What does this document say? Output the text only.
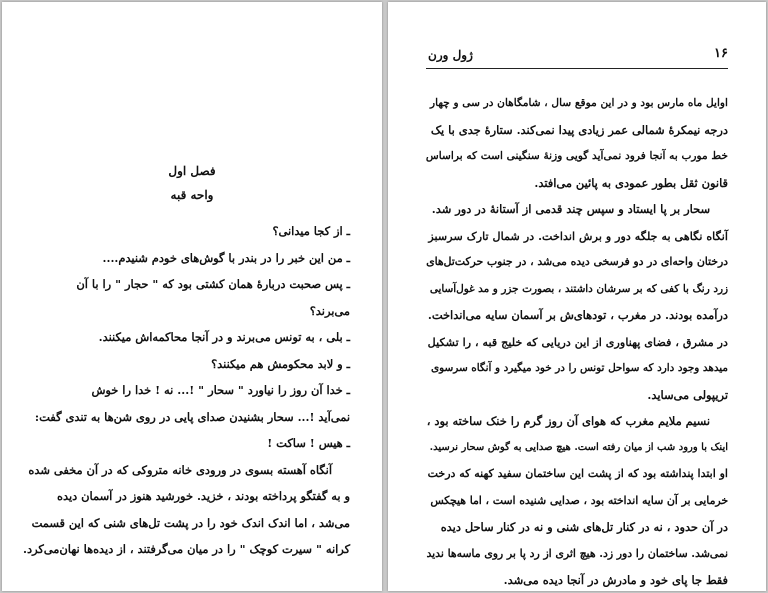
فصل اول
واحه قبه
ـ از کجا میدانی؟
ـ من این خبر را در بندر با گوش‌های خودم شنیدم....
ـ پس صحبت دربارهٔ همان کشتی بود که " حجار " را با آن
می‌برند؟
ـ بلی ، به تونس می‌برند و در آنجا محاکمه‌اش میکنند.
ـ و لابد محکومش هم میکنند؟
ـ خدا آن روز را نیاورد " سحار " !... نه ! خدا را خوش
نمی‌آید !... سحار بشنیدن صدای پایی در روی شن‌ها به تندی گفت:
ـ هیس ! ساکت !
آنگاه آهسته بسوی در ورودی خانه متروکی که در آن مخفی شده
و به گفتگو پرداخته بودند ، خزید. خورشید هنوز در آسمان دیده
می‌شد ، اما اندک اندک خود را در پشت تل‌های شنی که این قسمت
کرانه " سیرت کوچک " را در میان می‌گرفتند ، از دیده‌ها نهان‌می‌کرد.
۱۶
ژول ورن
اوایل ماه مارس بود و در این موقع سال ، شامگاهان در سی و چهار
درجه نیمکرهٔ شمالی عمر زیادی پیدا نمی‌کند. ستارهٔ جدی با یک
خط مورب به آنجا فرود نمی‌آید گویی وزنهٔ سنگینی است که براساس
قانون ثقل بطور عمودی به پائین می‌افتد.
سحار بر پا ایستاد و سپس چند قدمی از آستانهٔ در دور شد.
آنگاه نگاهی به جلگه دور و برش انداخت. در شمال تارک سرسبز
درختان واحه‌ای در دو فرسخی دیده می‌شد ، در جنوب حرکت‌تل‌های
زرد رنگ با کفی که بر سرشان داشتند ، بصورت جزر و مد غول‌آسایی
درآمده بودند. در مغرب ، تودهای‌ش بر آسمان سایه می‌انداخت.
در مشرق ، فضای پهناوری از این دریایی که خلیج قبه ، را تشکیل
میدهد وجود دارد که سواحل تونس را در خود میگیرد و آنگاه سرسوی
تریپولی می‌ساید.
نسیم ملایم مغرب که هوای آن روز گرم را خنک ساخته بود ،
اینک با ورود شب از میان رفته است. هیچ صدایی به گوش سحار نرسید.
او ابتدا پنداشته بود که از پشت این ساختمان سفید کهنه که درخت
خرمایی بر آن سایه انداخته بود ، صدایی شنیده است ، اما هیچکس
در آن حدود ، نه در کنار تل‌های شنی و نه در کنار ساحل دیده
نمی‌شد. ساختمان را دور زد. هیچ اثری از رد پا بر روی ماسه‌ها ندید
فقط جا پای خود و مادرش در آنجا دیده می‌شد.
